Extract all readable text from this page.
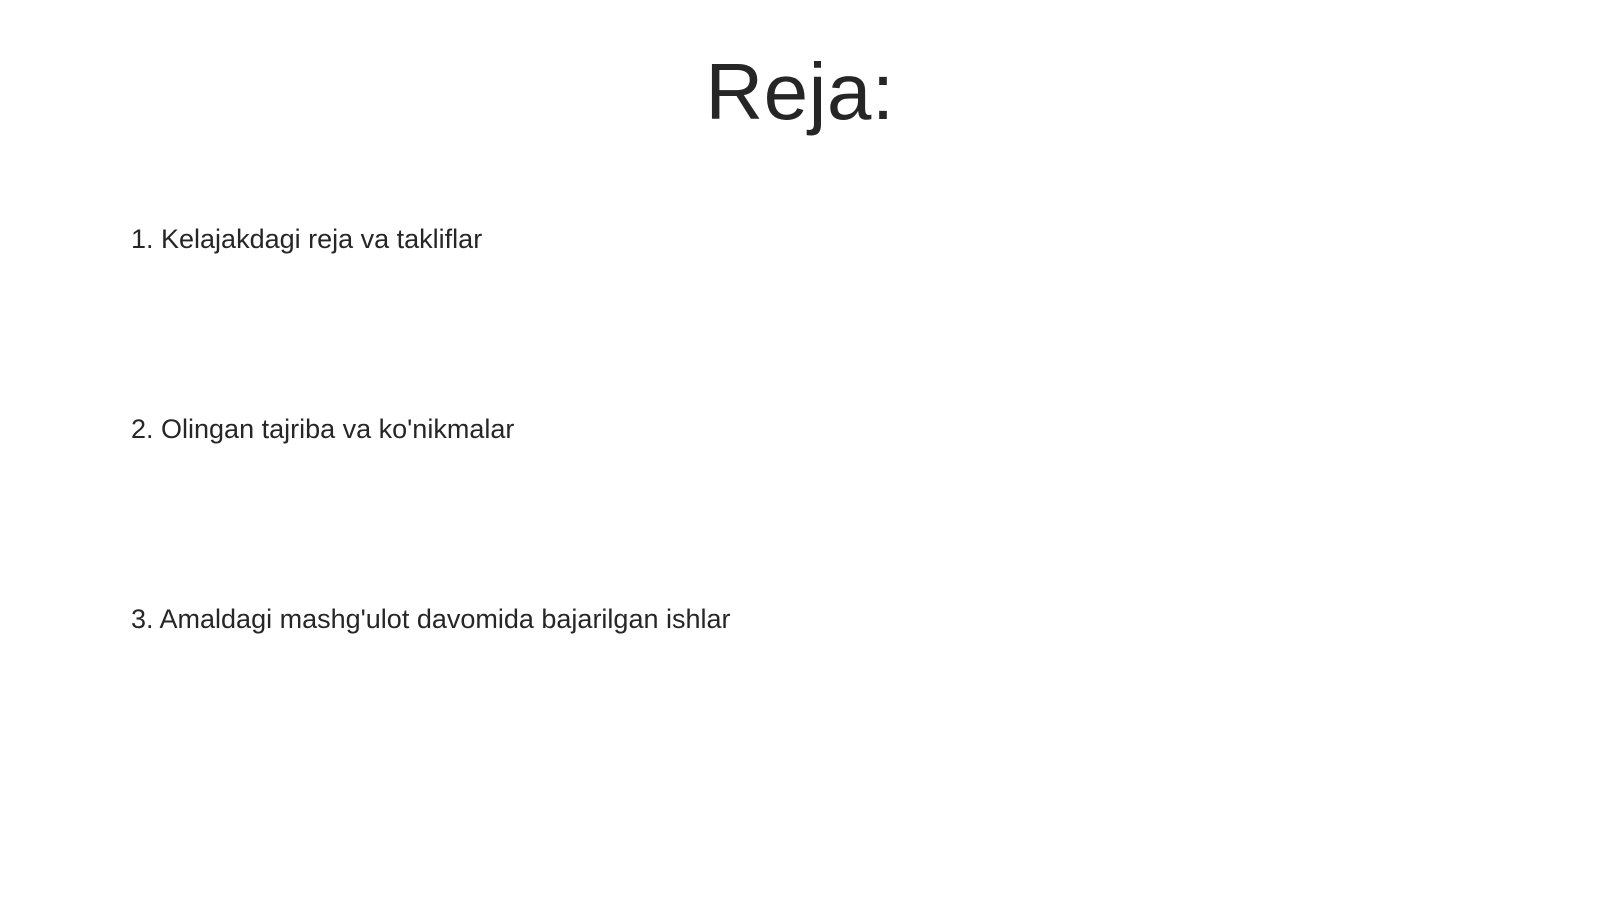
Reja:
1. Kelajakdagi reja va takliflar
2. Olingan tajriba va ko'nikmalar
3. Amaldagi mashg'ulot davomida bajarilgan ishlar
